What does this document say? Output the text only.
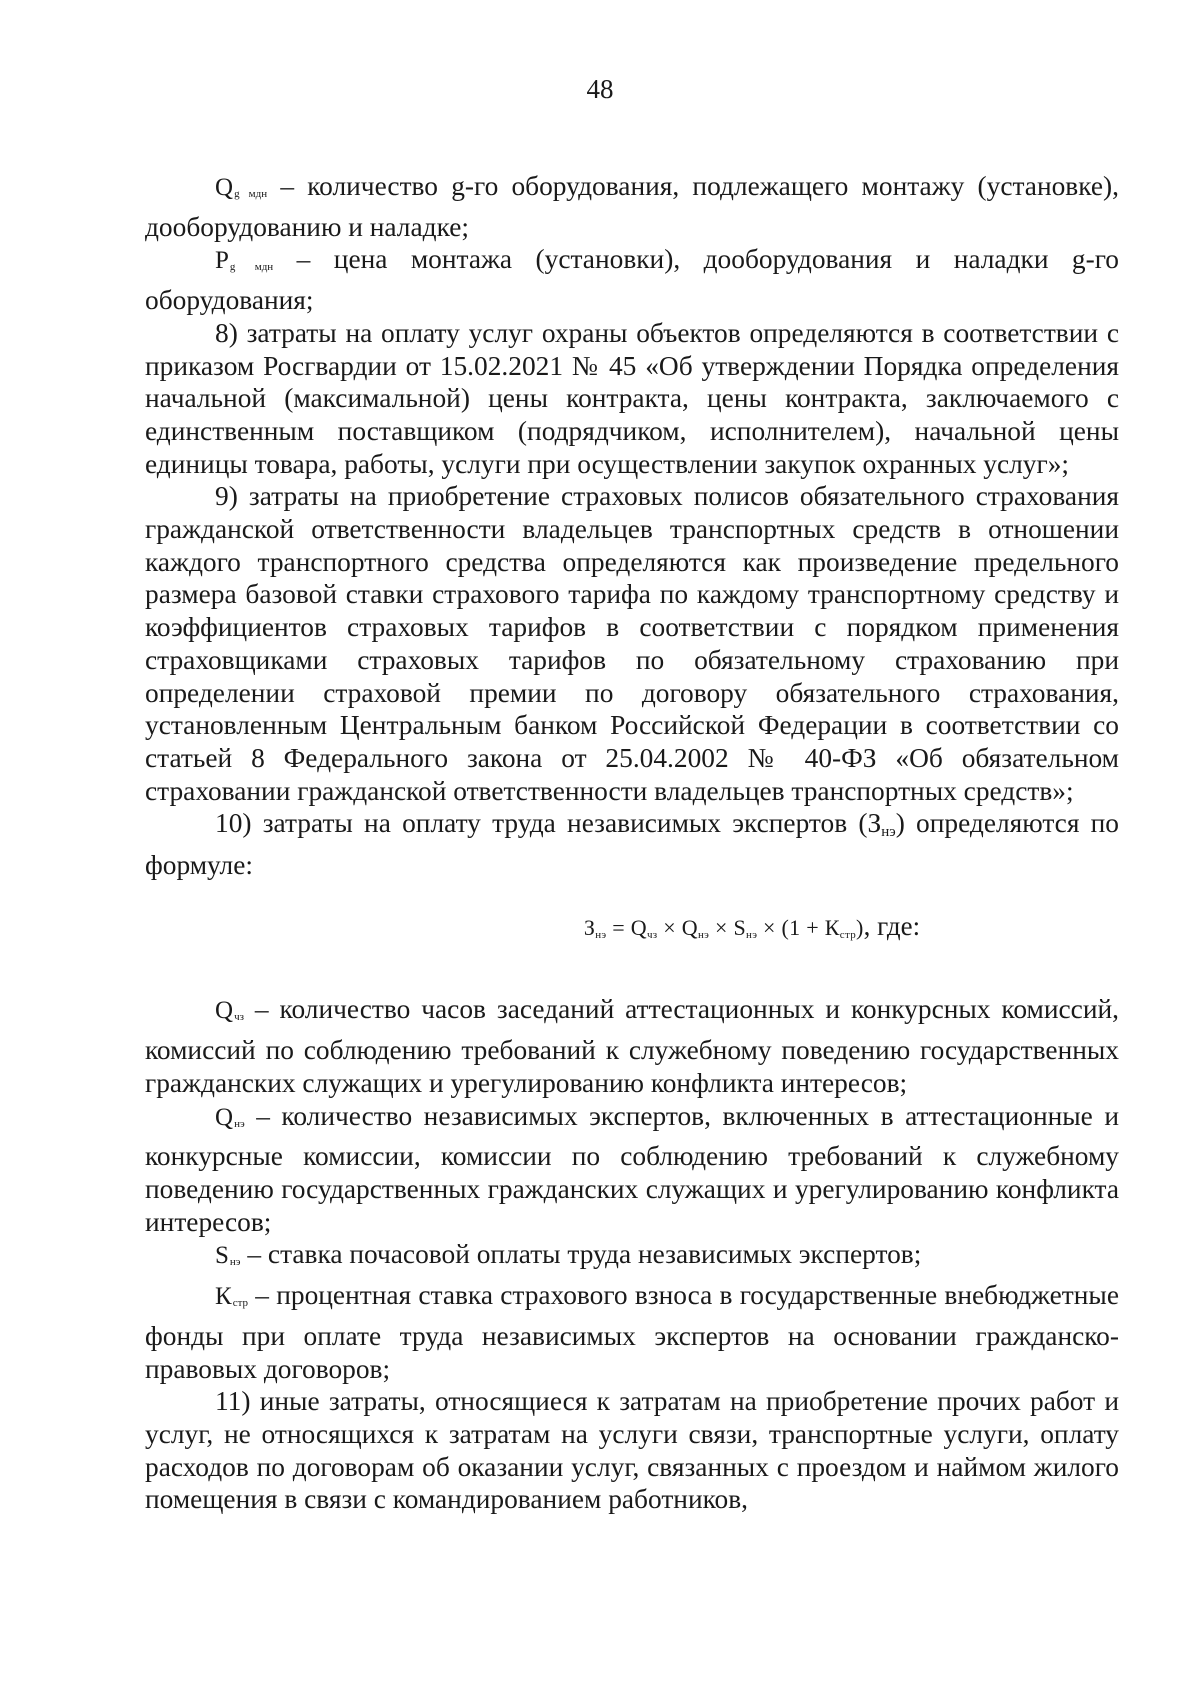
48

$Q_{g мдн}$ – количество g-го оборудования, подлежащего монтажу (установке), дооборудованию и наладке;

$P_{g мдн}$ – цена монтажа (установки), дооборудования и наладки g-го оборудования;

8) затраты на оплату услуг охраны объектов определяются в соответствии с приказом Росгвардии от 15.02.2021 № 45 «Об утверждении Порядка определения начальной (максимальной) цены контракта, цены контракта, заключаемого с единственным поставщиком (подрядчиком, исполнителем), начальной цены единицы товара, работы, услуги при осуществлении закупок охранных услуг»;

9) затраты на приобретение страховых полисов обязательного страхования гражданской ответственности владельцев транспортных средств в отношении каждого транспортного средства определяются как произведение предельного размера базовой ставки страхового тарифа по каждому транспортному средству и коэффициентов страховых тарифов в соответствии с порядком применения страховщиками страховых тарифов по обязательному страхованию при определении страховой премии по договору обязательного страхования, установленным Центральным банком Российской Федерации в соответствии со статьей 8 Федерального закона от 25.04.2002 № 40-ФЗ «Об обязательном страховании гражданской ответственности владельцев транспортных средств»;

10) затраты на оплату труда независимых экспертов (Знэ) определяются по формуле:

$З_{нэ} = Q_{чз} \times Q_{нэ} \times S_{нэ} \times (1 + К_{стр})$, где:

$Q_{чз}$ – количество часов заседаний аттестационных и конкурсных комиссий, комиссий по соблюдению требований к служебному поведению государственных гражданских служащих и урегулированию конфликта интересов;

$Q_{нэ}$ – количество независимых экспертов, включенных в аттестационные и конкурсные комиссии, комиссии по соблюдению требований к служебному поведению государственных гражданских служащих и урегулированию конфликта интересов;

$S_{нэ}$ – ставка почасовой оплаты труда независимых экспертов;

$К_{стр}$ – процентная ставка страхового взноса в государственные внебюджетные фонды при оплате труда независимых экспертов на основании гражданско-правовых договоров;

11) иные затраты, относящиеся к затратам на приобретение прочих работ и услуг, не относящихся к затратам на услуги связи, транспортные услуги, оплату расходов по договорам об оказании услуг, связанных с проездом и наймом жилого помещения в связи с командированием работников,
